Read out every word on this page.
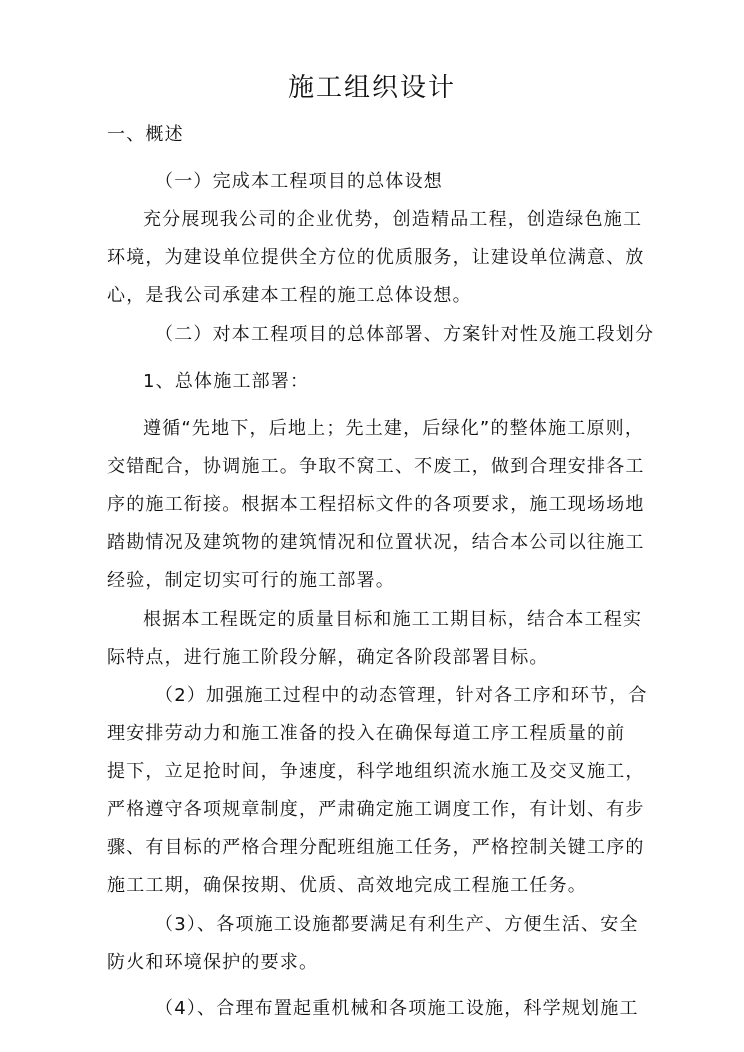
施工组织设计

一、概述

（一）完成本工程项目的总体设想

充分展现我公司的企业优势，创造精品工程，创造绿色施工

环境，为建设单位提供全方位的优质服务，让建设单位满意、放

心，是我公司承建本工程的施工总体设想。

（二）对本工程项目的总体部署、方案针对性及施工段划分

1、总体施工部署：

遵循“先地下，后地上；先土建，后绿化”的整体施工原则，

交错配合，协调施工。争取不窝工、不废工，做到合理安排各工

序的施工衔接。根据本工程招标文件的各项要求，施工现场场地

踏勘情况及建筑物的建筑情况和位置状况，结合本公司以往施工

经验，制定切实可行的施工部署。

根据本工程既定的质量目标和施工工期目标，结合本工程实

际特点，进行施工阶段分解，确定各阶段部署目标。

（2）加强施工过程中的动态管理，针对各工序和环节，合

理安排劳动力和施工准备的投入在确保每道工序工程质量的前

提下，立足抢时间，争速度，科学地组织流水施工及交叉施工，

严格遵守各项规章制度，严肃确定施工调度工作，有计划、有步

骤、有目标的严格合理分配班组施工任务，严格控制关键工序的

施工工期，确保按期、优质、高效地完成工程施工任务。

（3）、各项施工设施都要满足有利生产、方便生活、安全

防火和环境保护的要求。

（4）、合理布置起重机械和各项施工设施，科学规划施工
